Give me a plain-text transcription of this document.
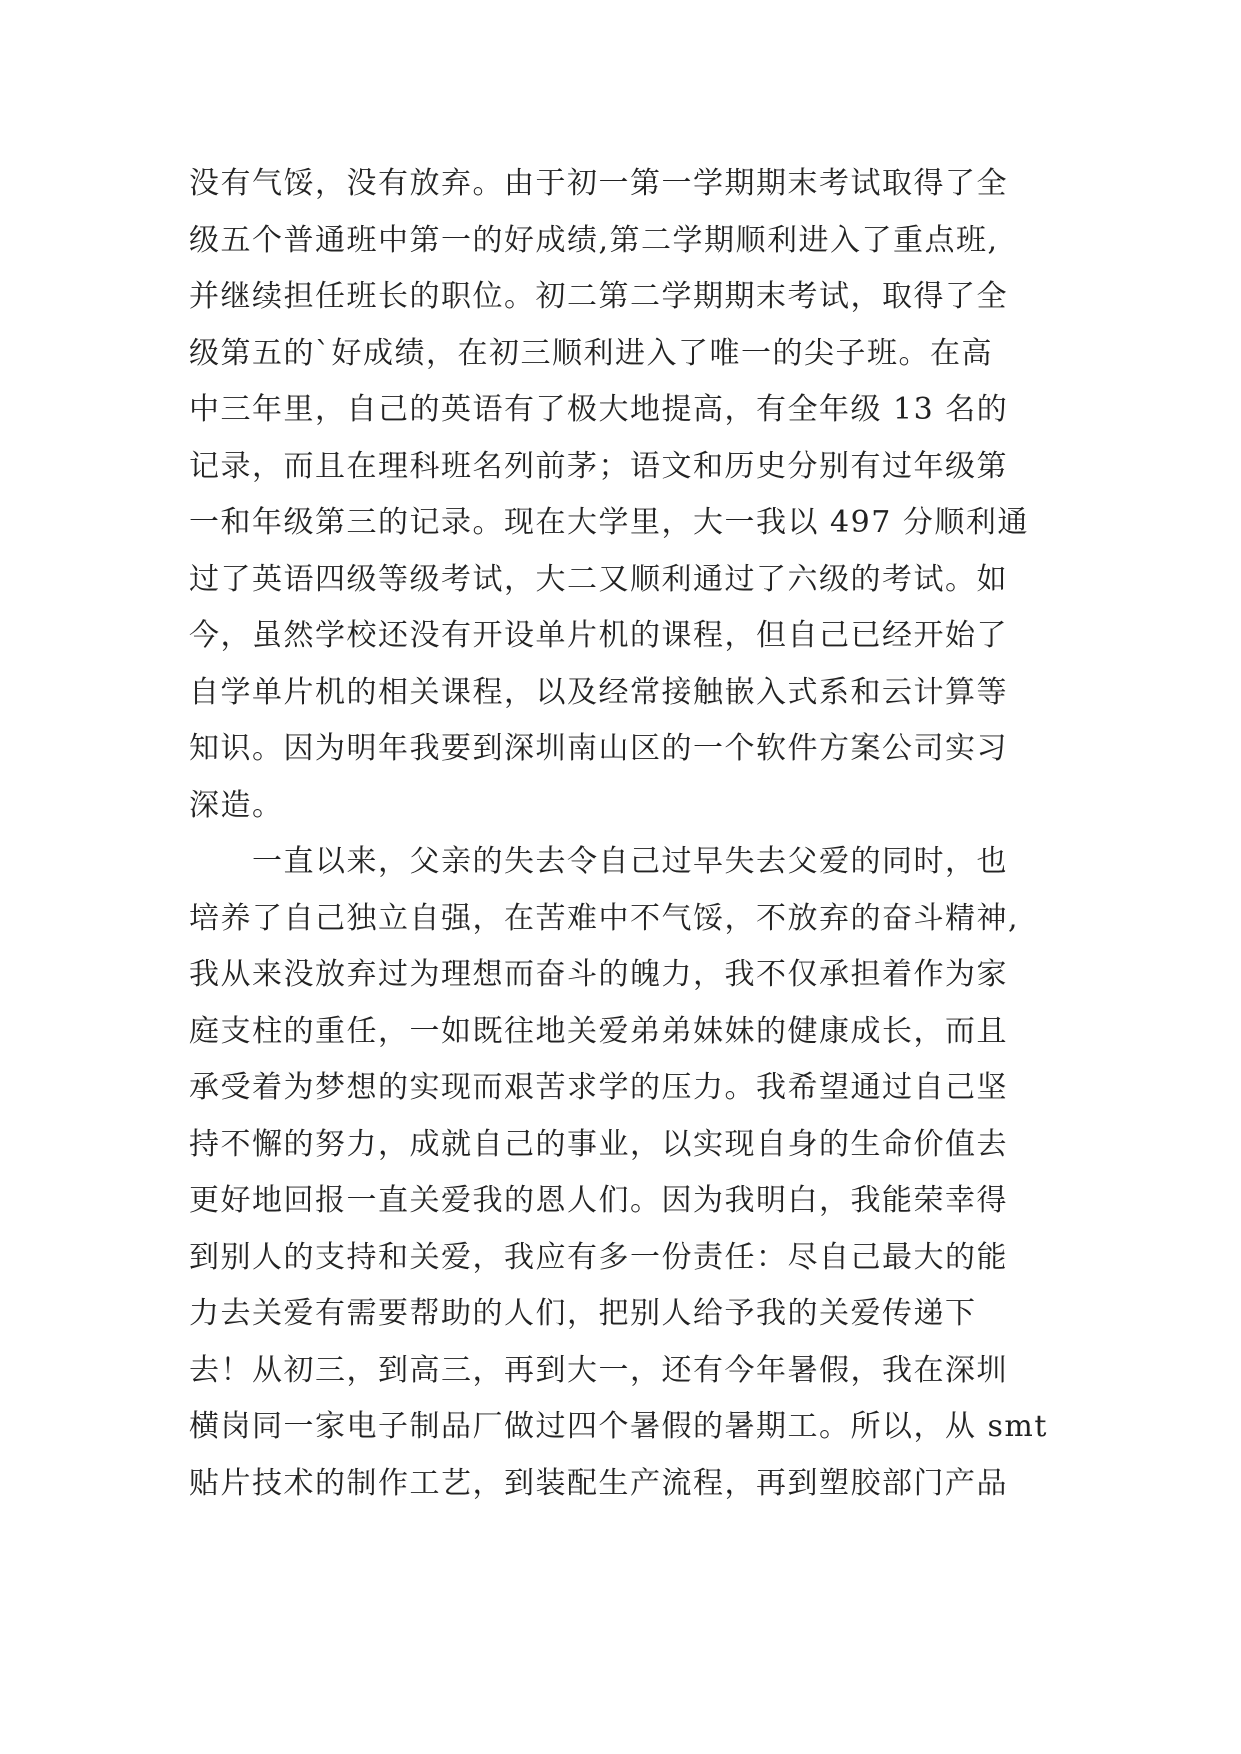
没有气馁，没有放弃。由于初一第一学期期末考试取得了全
级五个普通班中第一的好成绩,第二学期顺利进入了重点班,
并继续担任班长的职位。初二第二学期期末考试，取得了全
级第五的`好成绩，在初三顺利进入了唯一的尖子班。在高
中三年里，自己的英语有了极大地提高，有全年级 13 名的
记录，而且在理科班名列前茅；语文和历史分别有过年级第
一和年级第三的记录。现在大学里，大一我以 497 分顺利通
过了英语四级等级考试，大二又顺利通过了六级的考试。如
今，虽然学校还没有开设单片机的课程，但自己已经开始了
自学单片机的相关课程，以及经常接触嵌入式系和云计算等
知识。因为明年我要到深圳南山区的一个软件方案公司实习
深造。
　　一直以来，父亲的失去令自己过早失去父爱的同时，也
培养了自己独立自强，在苦难中不气馁，不放弃的奋斗精神,
我从来没放弃过为理想而奋斗的魄力，我不仅承担着作为家
庭支柱的重任，一如既往地关爱弟弟妹妹的健康成长，而且
承受着为梦想的实现而艰苦求学的压力。我希望通过自己坚
持不懈的努力，成就自己的事业，以实现自身的生命价值去
更好地回报一直关爱我的恩人们。因为我明白，我能荣幸得
到别人的支持和关爱，我应有多一份责任：尽自己最大的能
力去关爱有需要帮助的人们，把别人给予我的关爱传递下
去！从初三，到高三，再到大一，还有今年暑假，我在深圳
横岗同一家电子制品厂做过四个暑假的暑期工。所以，从 smt
贴片技术的制作工艺，到装配生产流程，再到塑胶部门产品
